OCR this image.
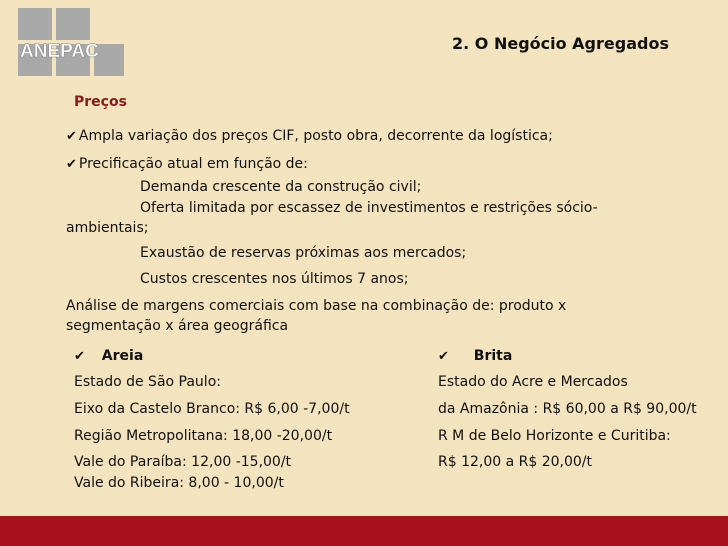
ANEPAC	2. O Negócio Agregados
Preços
✔ Ampla variação dos preços CIF, posto obra, decorrente da logística;
✔ Precificação atual em função de:
Demanda crescente da construção civil;
Oferta limitada por escassez de investimentos e restrições sócio-
ambientais;
Exaustão de reservas próximas aos mercados;
Custos crescentes nos últimos 7 anos;
Análise de margens comerciais com base na combinação de: produto x
segmentação x área geográfica
✔ Areia
Estado de São Paulo:
Eixo da Castelo Branco: R$ 6,00 -7,00/t
Região Metropolitana: 18,00 -20,00/t
Vale do Paraíba: 12,00 -15,00/t
Vale do Ribeira: 8,00 - 10,00/t
✔ Brita
Estado do Acre e Mercados
da Amazônia : R$ 60,00 a R$ 90,00/t
R M de Belo Horizonte e Curitiba:
R$ 12,00 a R$ 20,00/t
